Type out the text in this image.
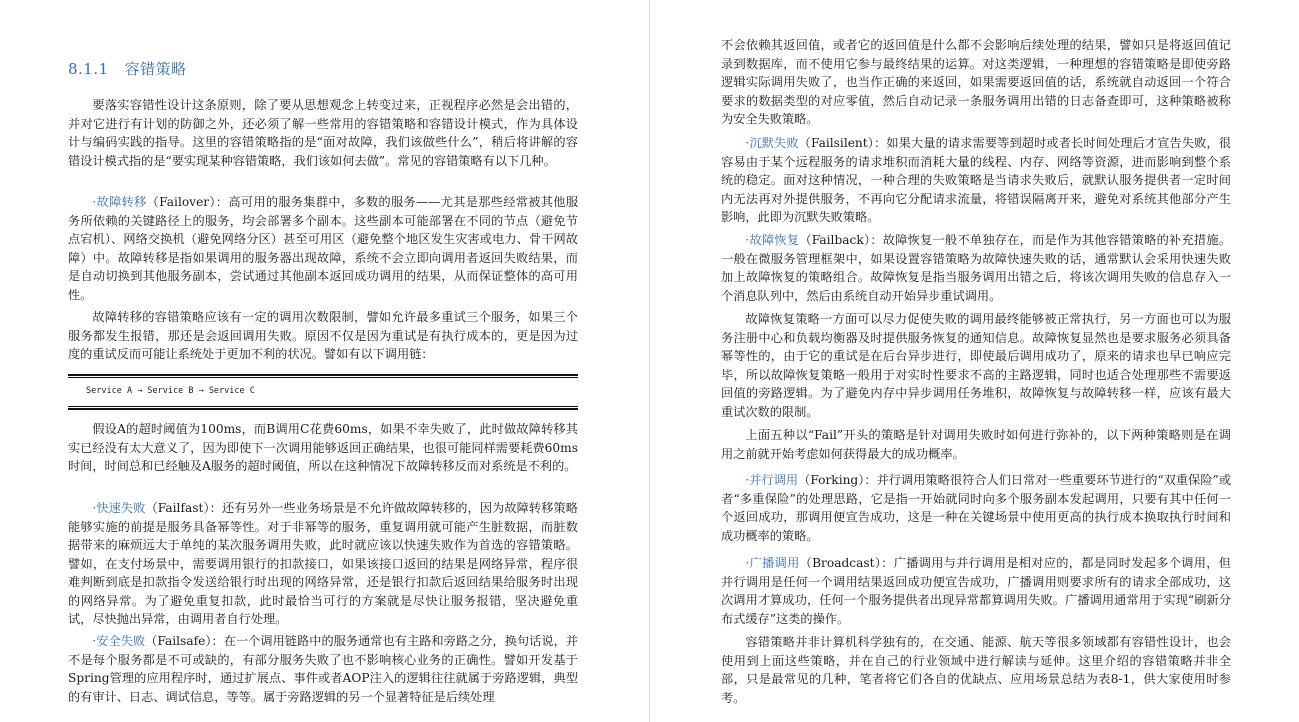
8.1.1 容错策略

要落实容错性设计这条原则，除了要从思想观念上转变过来，正视程序必然是会出错的，并对它进行有计划的防御之外，还必须了解一些常用的容错策略和容错设计模式，作为具体设计与编码实践的指导。这里的容错策略指的是“面对故障，我们该做些什么”，稍后将讲解的容错设计模式指的是“要实现某种容错策略，我们该如何去做”。常见的容错策略有以下几种。

·故障转移（Failover）：高可用的服务集群中，多数的服务——尤其是那些经常被其他服务所依赖的关键路径上的服务，均会部署多个副本。这些副本可能部署在不同的节点（避免节点宕机）、网络交换机（避免网络分区）甚至可用区（避免整个地区发生灾害或电力、骨干网故障）中。故障转移是指如果调用的服务器出现故障，系统不会立即向调用者返回失败结果，而是自动切换到其他服务副本，尝试通过其他副本返回成功调用的结果，从而保证整体的高可用性。

故障转移的容错策略应该有一定的调用次数限制，譬如允许最多重试三个服务，如果三个服务都发生报错，那还是会返回调用失败。原因不仅是因为重试是有执行成本的，更是因为过度的重试反而可能让系统处于更加不利的状况。譬如有以下调用链：

Service A → Service B → Service C

假设A的超时阈值为100ms，而B调用C花费60ms，如果不幸失败了，此时做故障转移其实已经没有太大意义了，因为即使下一次调用能够返回正确结果，也很可能同样需要耗费60ms时间，时间总和已经触及A服务的超时阈值，所以在这种情况下故障转移反而对系统是不利的。

·快速失败（Failfast）：还有另外一些业务场景是不允许做故障转移的，因为故障转移策略能够实施的前提是服务具备幂等性。对于非幂等的服务，重复调用就可能产生脏数据，而脏数据带来的麻烦远大于单纯的某次服务调用失败，此时就应该以快速失败作为首选的容错策略。譬如，在支付场景中，需要调用银行的扣款接口，如果该接口返回的结果是网络异常，程序很难判断到底是扣款指令发送给银行时出现的网络异常，还是银行扣款后返回结果给服务时出现的网络异常。为了避免重复扣款，此时最恰当可行的方案就是尽快让服务报错，坚决避免重试，尽快抛出异常，由调用者自行处理。

·安全失败（Failsafe）：在一个调用链路中的服务通常也有主路和旁路之分，换句话说，并不是每个服务都是不可或缺的，有部分服务失败了也不影响核心业务的正确性。譬如开发基于Spring管理的应用程序时，通过扩展点、事件或者AOP注入的逻辑往往就属于旁路逻辑，典型的有审计、日志、调试信息，等等。属于旁路逻辑的另一个显著特征是后续处理

不会依赖其返回值，或者它的返回值是什么都不会影响后续处理的结果，譬如只是将返回值记录到数据库，而不使用它参与最终结果的运算。对这类逻辑，一种理想的容错策略是即使旁路逻辑实际调用失败了，也当作正确的来返回，如果需要返回值的话，系统就自动返回一个符合要求的数据类型的对应零值，然后自动记录一条服务调用出错的日志备查即可，这种策略被称为安全失败策略。

·沉默失败（Failsilent）：如果大量的请求需要等到超时或者长时间处理后才宣告失败，很容易由于某个远程服务的请求堆积而消耗大量的线程、内存、网络等资源，进而影响到整个系统的稳定。面对这种情况，一种合理的失败策略是当请求失败后，就默认服务提供者一定时间内无法再对外提供服务，不再向它分配请求流量，将错误隔离开来，避免对系统其他部分产生影响，此即为沉默失败策略。

·故障恢复（Failback）：故障恢复一般不单独存在，而是作为其他容错策略的补充措施。一般在微服务管理框架中，如果设置容错策略为故障快速失败的话，通常默认会采用快速失败加上故障恢复的策略组合。故障恢复是指当服务调用出错之后，将该次调用失败的信息存入一个消息队列中，然后由系统自动开始异步重试调用。

故障恢复策略一方面可以尽力促使失败的调用最终能够被正常执行，另一方面也可以为服务注册中心和负载均衡器及时提供服务恢复的通知信息。故障恢复显然也是要求服务必须具备幂等性的，由于它的重试是在后台异步进行，即使最后调用成功了，原来的请求也早已响应完毕，所以故障恢复策略一般用于对实时性要求不高的主路逻辑，同时也适合处理那些不需要返回值的旁路逻辑。为了避免内存中异步调用任务堆积，故障恢复与故障转移一样，应该有最大重试次数的限制。

上面五种以“Fail”开头的策略是针对调用失败时如何进行弥补的，以下两种策略则是在调用之前就开始考虑如何获得最大的成功概率。

·并行调用（Forking）：并行调用策略很符合人们日常对一些重要环节进行的“双重保险”或者“多重保险”的处理思路，它是指一开始就同时向多个服务副本发起调用，只要有其中任何一个返回成功，那调用便宣告成功，这是一种在关键场景中使用更高的执行成本换取执行时间和成功概率的策略。

·广播调用（Broadcast）：广播调用与并行调用是相对应的，都是同时发起多个调用，但并行调用是任何一个调用结果返回成功便宣告成功，广播调用则要求所有的请求全部成功，这次调用才算成功，任何一个服务提供者出现异常都算调用失败。广播调用通常用于实现“刷新分布式缓存”这类的操作。

容错策略并非计算机科学独有的，在交通、能源、航天等很多领域都有容错性设计，也会使用到上面这些策略，并在自己的行业领域中进行解读与延伸。这里介绍的容错策略并非全部，只是最常见的几种，笔者将它们各自的优缺点、应用场景总结为表8-1，供大家使用时参考。
